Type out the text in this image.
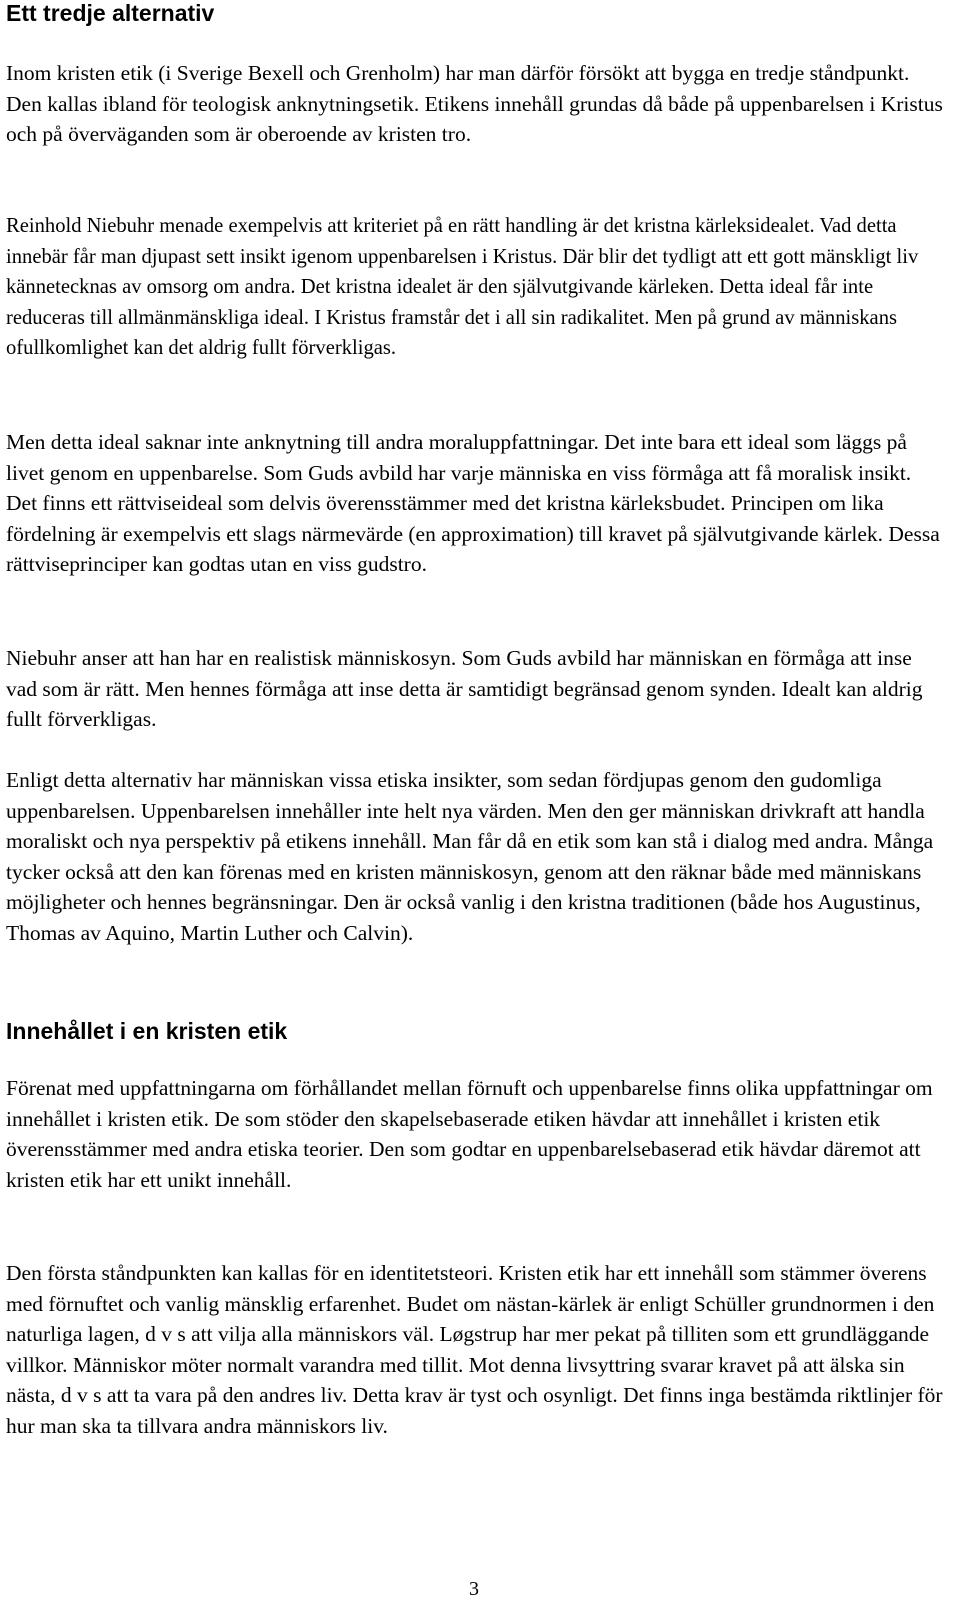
Ett tredje alternativ

Inom kristen etik (i Sverige Bexell och Grenholm) har man därför försökt att bygga en tredje ståndpunkt. Den kallas ibland för teologisk anknytningsetik. Etikens innehåll grundas då både på uppenbarelsen i Kristus och på överväganden som är oberoende av kristen tro.

Reinhold Niebuhr menade exempelvis att kriteriet på en rätt handling är det kristna kärleksidealet. Vad detta innebär får man djupast sett insikt igenom uppenbarelsen i Kristus. Där blir det tydligt att ett gott mänskligt liv kännetecknas av omsorg om andra. Det kristna idealet är den självutgivande kärleken. Detta ideal får inte reduceras till allmänmänskliga ideal. I Kristus framstår det i all sin radikalitet. Men på grund av människans ofullkomlighet kan det aldrig fullt förverkligas.

Men detta ideal saknar inte anknytning till andra moraluppfattningar. Det inte bara ett ideal som läggs på livet genom en uppenbarelse. Som Guds avbild har varje människa en viss förmåga att få moralisk insikt. Det finns ett rättviseideal som delvis överensstämmer med det kristna kärleksbudet. Principen om lika fördelning är exempelvis ett slags närmevärde (en approximation) till kravet på självutgivande kärlek. Dessa rättviseprinciper kan godtas utan en viss gudstro.

Niebuhr anser att han har en realistisk människosyn. Som Guds avbild har människan en förmåga att inse vad som är rätt. Men hennes förmåga att inse detta är samtidigt begränsad genom synden. Idealt kan aldrig fullt förverkligas.

Enligt detta alternativ har människan vissa etiska insikter, som sedan fördjupas genom den gudomliga uppenbarelsen. Uppenbarelsen innehåller inte helt nya värden. Men den ger människan drivkraft att handla moraliskt och nya perspektiv på etikens innehåll. Man får då en etik som kan stå i dialog med andra. Många tycker också att den kan förenas med en kristen människosyn, genom att den räknar både med människans möjligheter och hennes begränsningar. Den är också vanlig i den kristna traditionen (både hos Augustinus, Thomas av Aquino, Martin Luther och Calvin).

Innehållet i en kristen etik

Förenat med uppfattningarna om förhållandet mellan förnuft och uppenbarelse finns olika uppfattningar om innehållet i kristen etik. De som stöder den skapelsebaserade etiken hävdar att innehållet i kristen etik överensstämmer med andra etiska teorier. Den som godtar en uppenbarelsebaserad etik hävdar däremot att kristen etik har ett unikt innehåll.

Den första ståndpunkten kan kallas för en identitetsteori. Kristen etik har ett innehåll som stämmer överens med förnuftet och vanlig mänsklig erfarenhet. Budet om nästan-kärlek är enligt Schüller grundnormen i den naturliga lagen, d v s att vilja alla människors väl. Løgstrup har mer pekat på tilliten som ett grundläggande villkor. Människor möter normalt varandra med tillit. Mot denna livsyttring svarar kravet på att älska sin nästa, d v s att ta vara på den andres liv. Detta krav är tyst och osynligt. Det finns inga bestämda riktlinjer för hur man ska ta tillvara andra människors liv.

3
